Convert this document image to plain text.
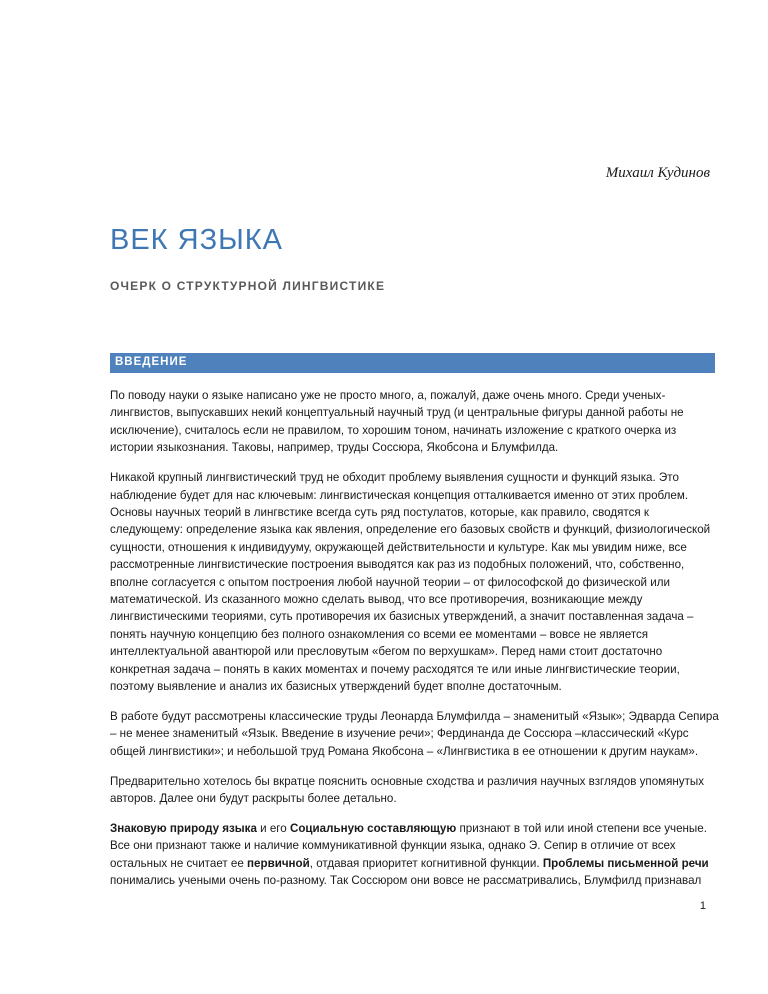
Михаил Кудинов
ВЕК ЯЗЫКА
ОЧЕРК О СТРУКТУРНОЙ ЛИНГВИСТИКЕ
ВВЕДЕНИЕ

По поводу науки о языке написано уже не просто много, а, пожалуй, даже очень много. Среди ученых-лингвистов, выпускавших некий концептуальный научный труд (и центральные фигуры данной работы не исключение), считалось если не правилом, то хорошим тоном, начинать изложение с краткого очерка из истории языкознания. Таковы, например, труды Соссюра, Якобсона и Блумфилда.

Никакой крупный лингвистический труд не обходит проблему выявления сущности и функций языка. Это наблюдение будет для нас ключевым: лингвистическая концепция отталкивается именно от этих проблем. Основы научных теорий в лингвстике всегда суть ряд постулатов, которые, как правило, сводятся к следующему: определение языка как явления, определение его базовых свойств и функций, физиологической сущности, отношения к индивидууму, окружающей действительности и культуре. Как мы увидим ниже, все рассмотренные лингвистические построения выводятся как раз из подобных положений, что, собственно, вполне согласуется с опытом построения любой научной теории – от философской до физической или математической. Из сказанного можно сделать вывод, что все противоречия, возникающие между лингвистическими теориями, суть противоречия их базисных утверждений, а значит поставленная задача – понять научную концепцию без полного ознакомления со всеми ее моментами – вовсе не является интеллектуальной авантюрой или пресловутым «бегом по верхушкам». Перед нами стоит достаточно конкретная задача – понять в каких моментах и почему расходятся те или иные лингвистические теории, поэтому выявление и анализ их базисных утверждений будет вполне достаточным.

В работе будут рассмотрены классические труды Леонарда Блумфилда – знаменитый «Язык»; Эдварда Сепира – не менее знаменитый «Язык. Введение в изучение речи»; Фердинанда де Соссюра –классический «Курс общей лингвистики»; и небольшой труд Романа Якобсона – «Лингвистика в ее отношении к другим наукам».

Предварительно хотелось бы вкратце пояснить основные сходства и различия научных взглядов упомянутых авторов. Далее они будут раскрыты более детально.

Знаковую природу языка и его Социальную составляющую признают в той или иной степени все ученые. Все они признают также и наличие коммуникативной функции языка, однако Э. Сепир в отличие от всех остальных не считает ее первичной, отдавая приоритет когнитивной функции. Проблемы письменной речи понимались учеными очень по-разному. Так Соссюром они вовсе не рассматривались, Блумфилд признавал

1
